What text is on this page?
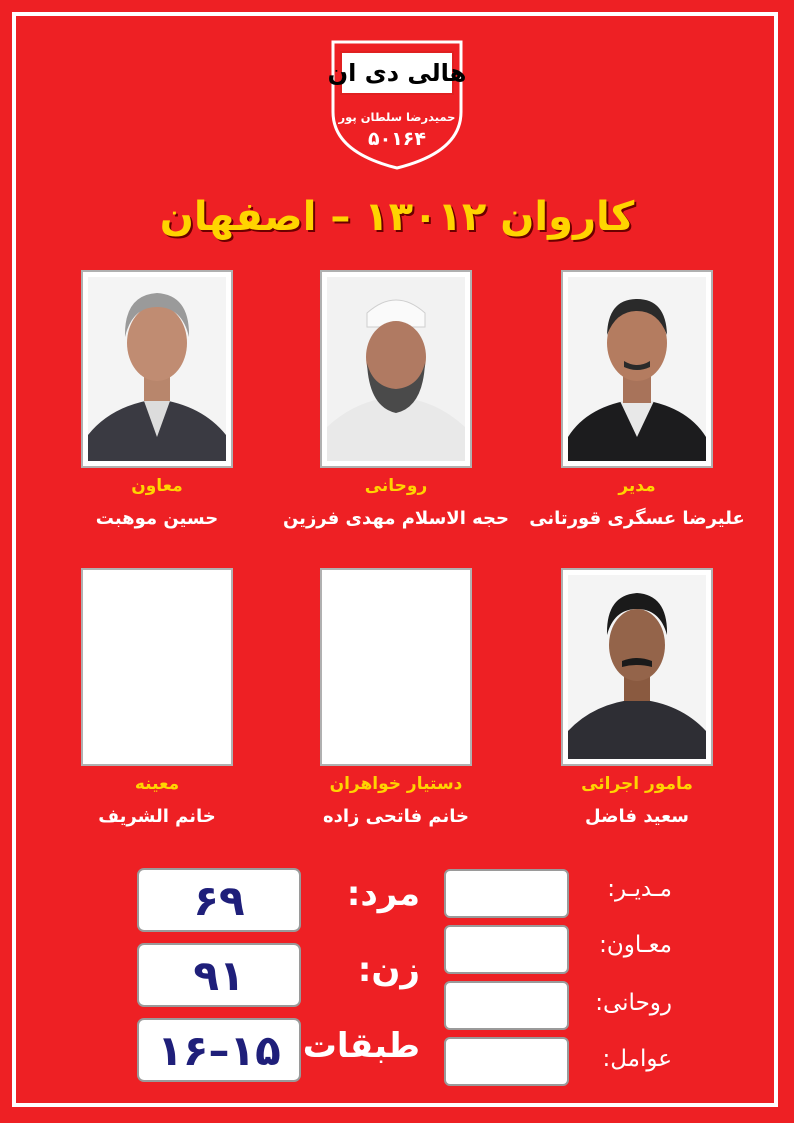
هالی دی ان
حمیدرضا سلطان پور
۵۰۱۶۴
کاروان ۱۳۰۱۲ – اصفهان
مدیر
علیرضا عسگری قورتانی
روحانی
حجه الاسلام مهدی فرزین
معاون
حسین موهبت
مامور اجرائی
سعید فاضل
دستیار خواهران
خانم فاتحی زاده
معینه
خانم الشریف
۶۹	مرد:
۹۱	زن:
۱۶–۱۵ طبقات:
مـدیـر:
معـاون:
روحانی:
عوامل:
